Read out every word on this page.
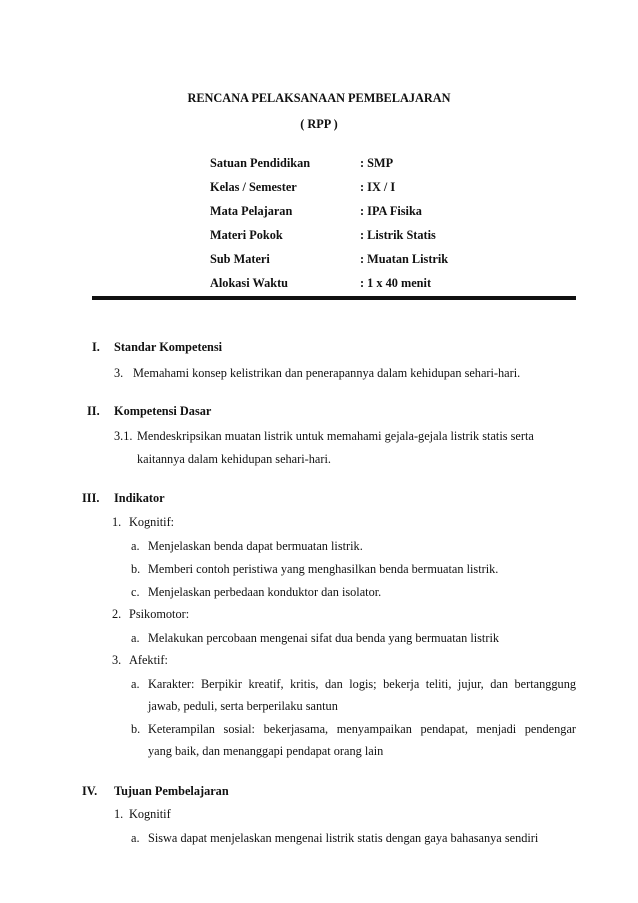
RENCANA PELAKSANAAN PEMBELAJARAN
( RPP )
Satuan Pendidikan	: SMP
Kelas / Semester	: IX / I
Mata Pelajaran	: IPA Fisika
Materi Pokok	: Listrik Statis
Sub Materi	: Muatan Listrik
Alokasi Waktu	: 1 x 40 menit
I. Standar Kompetensi
3. Memahami konsep kelistrikan dan penerapannya dalam kehidupan sehari-hari.
II. Kompetensi Dasar
3.1. Mendeskripsikan muatan listrik untuk memahami gejala-gejala listrik statis serta
kaitannya dalam kehidupan sehari-hari.
III. Indikator
1. Kognitif:
a. Menjelaskan benda dapat bermuatan listrik.
b. Memberi contoh peristiwa yang menghasilkan benda bermuatan listrik.
c. Menjelaskan perbedaan konduktor dan isolator.
2. Psikomotor:
a. Melakukan percobaan mengenai sifat dua benda yang bermuatan listrik
3. Afektif:
a. Karakter: Berpikir kreatif, kritis, dan logis; bekerja teliti, jujur, dan bertanggung
jawab, peduli, serta berperilaku santun
b. Keterampilan sosial: bekerjasama, menyampaikan pendapat, menjadi pendengar
yang baik, dan menanggapi pendapat orang lain
IV. Tujuan Pembelajaran
1. Kognitif
a. Siswa dapat menjelaskan mengenai listrik statis dengan gaya bahasanya sendiri
